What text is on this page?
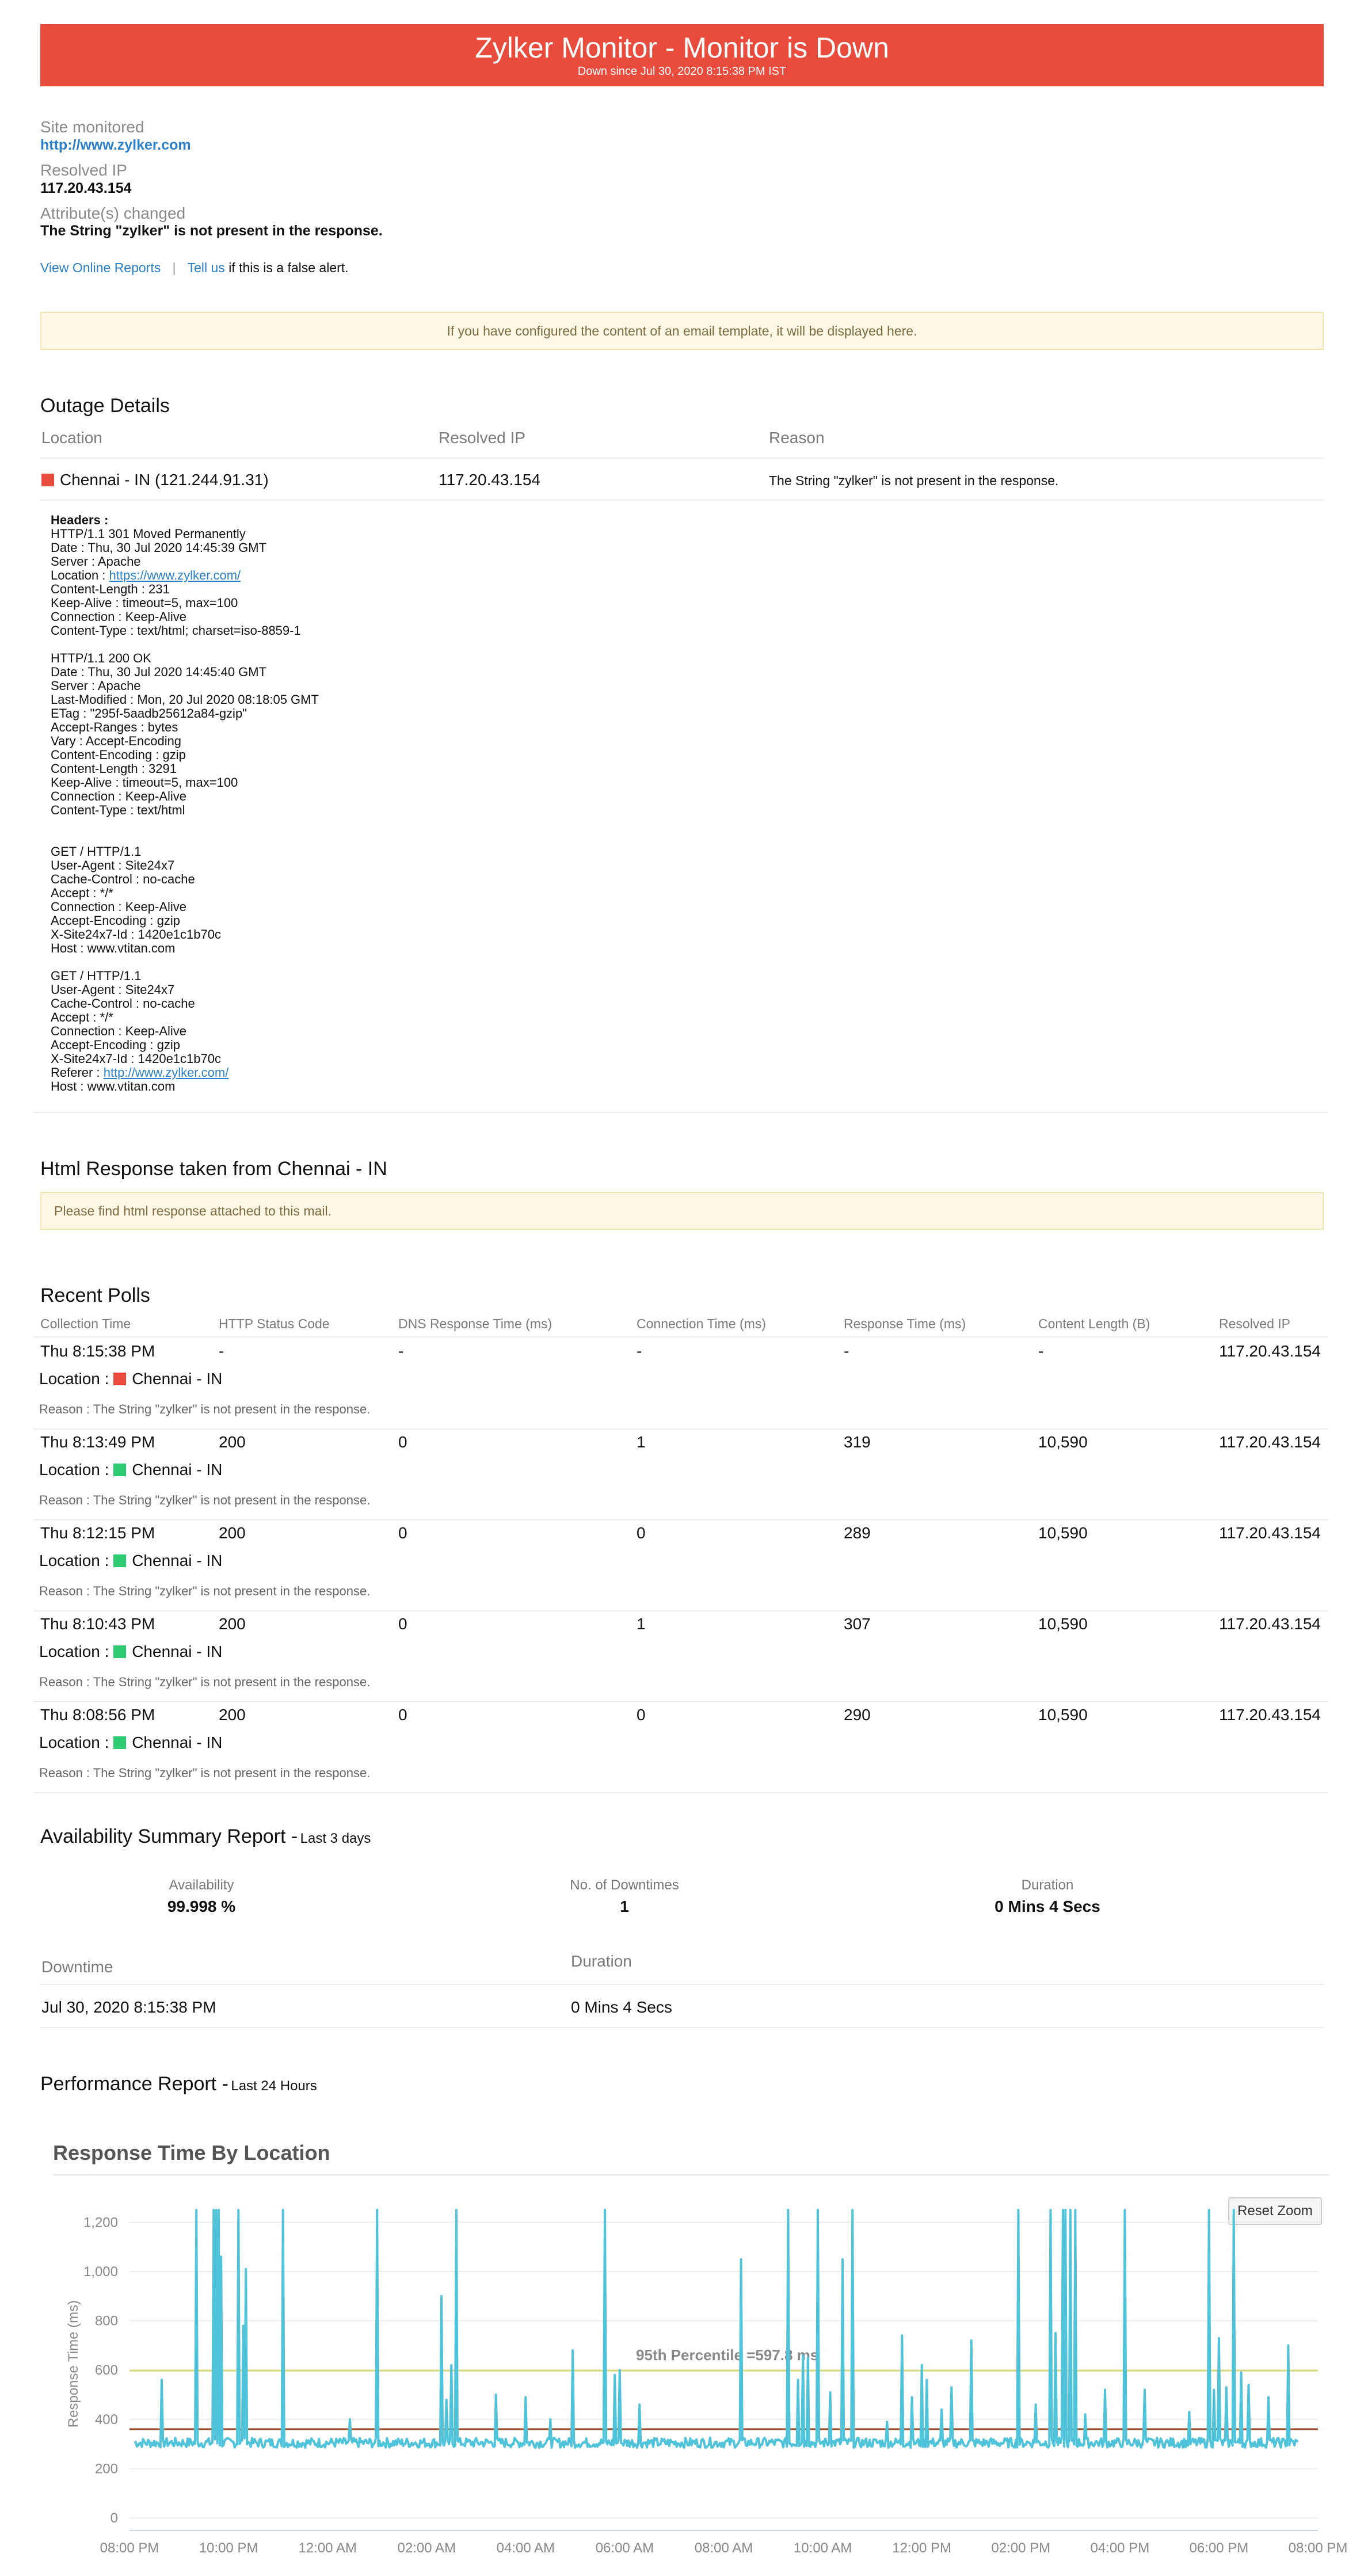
Zylker Monitor - Monitor is Down
Down since Jul 30, 2020 8:15:38 PM IST
Site monitored
http://www.zylker.com
Resolved IP
117.20.43.154
Attribute(s) changed
The String "zylker" is not present in the response.
View Online Reports | Tell us if this is a false alert.
If you have configured the content of an email template, it will be displayed here.
Outage Details
Location	Resolved IP	Reason
Chennai - IN (121.244.91.31)	117.20.43.154	The String "zylker" is not present in the response.
Headers :
HTTP/1.1 301 Moved Permanently
Date : Thu, 30 Jul 2020 14:45:39 GMT
Server : Apache
Location : https://www.zylker.com/
Content-Length : 231
Keep-Alive : timeout=5, max=100
Connection : Keep-Alive
Content-Type : text/html; charset=iso-8859-1

HTTP/1.1 200 OK
Date : Thu, 30 Jul 2020 14:45:40 GMT
Server : Apache
Last-Modified : Mon, 20 Jul 2020 08:18:05 GMT
ETag : "295f-5aadb25612a84-gzip"
Accept-Ranges : bytes
Vary : Accept-Encoding
Content-Encoding : gzip
Content-Length : 3291
Keep-Alive : timeout=5, max=100
Connection : Keep-Alive
Content-Type : text/html

GET / HTTP/1.1
User-Agent : Site24x7
Cache-Control : no-cache
Accept : */*
Connection : Keep-Alive
Accept-Encoding : gzip
X-Site24x7-Id : 1420e1c1b70c
Host : www.vtitan.com

GET / HTTP/1.1
User-Agent : Site24x7
Cache-Control : no-cache
Accept : */*
Connection : Keep-Alive
Accept-Encoding : gzip
X-Site24x7-Id : 1420e1c1b70c
Referer : http://www.zylker.com/
Host : www.vtitan.com
Html Response taken from Chennai - IN
Please find html response attached to this mail.
Recent Polls
Collection Time	HTTP Status Code	DNS Response Time (ms)	Connection Time (ms)	Response Time (ms)	Content Length (B)	Resolved IP
Thu 8:15:38 PM	-	-	-	-	-	117.20.43.154
Location : Chennai - IN
Reason : The String "zylker" is not present in the response.
Thu 8:13:49 PM	200	0	1	319	10,590	117.20.43.154
Location : Chennai - IN
Reason : The String "zylker" is not present in the response.
Thu 8:12:15 PM	200	0	0	289	10,590	117.20.43.154
Location : Chennai - IN
Reason : The String "zylker" is not present in the response.
Thu 8:10:43 PM	200	0	1	307	10,590	117.20.43.154
Location : Chennai - IN
Reason : The String "zylker" is not present in the response.
Thu 8:08:56 PM	200	0	0	290	10,590	117.20.43.154
Location : Chennai - IN
Reason : The String "zylker" is not present in the response.
Availability Summary Report - Last 3 days
Availability
99.998 %
No. of Downtimes
1
Duration
0 Mins 4 Secs
Downtime	Duration
Jul 30, 2020 8:15:38 PM	0 Mins 4 Secs
Performance Report - Last 24 Hours
Response Time By Location
Reset Zoom
0
200
400
600
800
1,000
1,200
08:00 PM	10:00 PM	12:00 AM	02:00 AM	04:00 AM	06:00 AM	08:00 AM	10:00 AM	12:00 PM	02:00 PM	04:00 PM	06:00 PM	08:00 PM
Response Time (ms)	95th Percentile =597.8 ms
